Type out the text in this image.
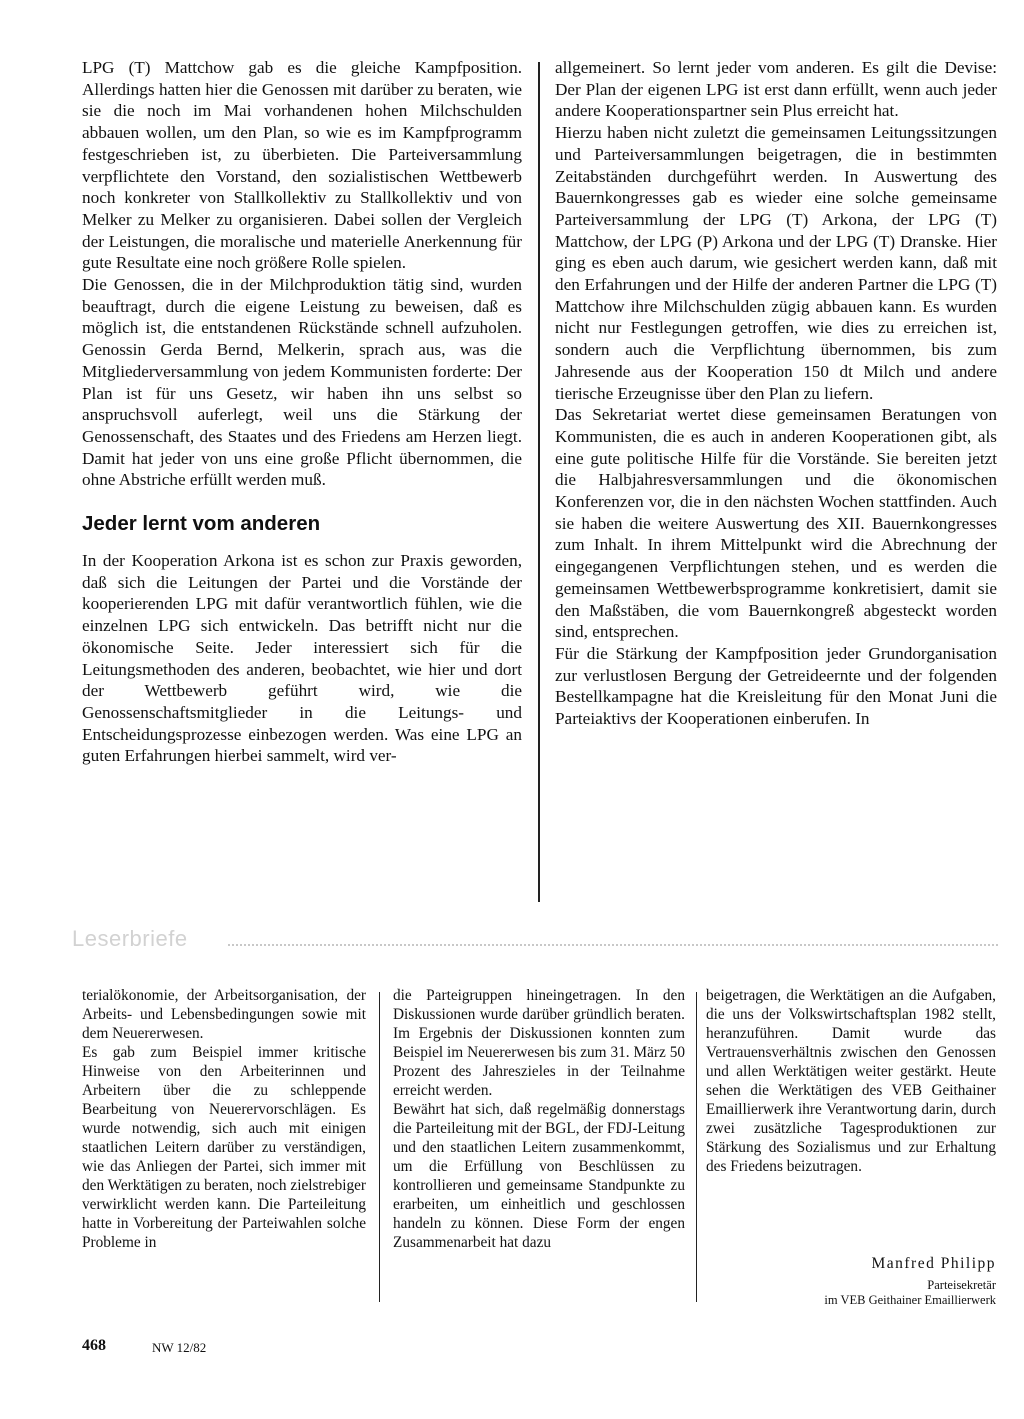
LPG (T) Mattchow gab es die gleiche Kampfposition. Allerdings hatten hier die Genossen mit darüber zu beraten, wie sie die noch im Mai vorhandenen hohen Milchschulden abbauen wollen, um den Plan, so wie es im Kampfprogramm festgeschrieben ist, zu überbieten. Die Parteiversammlung verpflichtete den Vorstand, den sozialistischen Wettbewerb noch konkreter von Stallkollektiv zu Stallkollektiv und von Melker zu Melker zu organisieren. Dabei sollen der Vergleich der Leistungen, die moralische und materielle Anerkennung für gute Resultate eine noch größere Rolle spielen.

Die Genossen, die in der Milchproduktion tätig sind, wurden beauftragt, durch die eigene Leistung zu beweisen, daß es möglich ist, die entstandenen Rückstände schnell aufzuholen. Genossin Gerda Bernd, Melkerin, sprach aus, was die Mitgliederversammlung von jedem Kommunisten forderte: Der Plan ist für uns Gesetz, wir haben ihn uns selbst so anspruchsvoll auferlegt, weil uns die Stärkung der Genossenschaft, des Staates und des Friedens am Herzen liegt. Damit hat jeder von uns eine große Pflicht übernommen, die ohne Abstriche erfüllt werden muß.

Jeder lernt vom anderen

In der Kooperation Arkona ist es schon zur Praxis geworden, daß sich die Leitungen der Partei und die Vorstände der kooperierenden LPG mit dafür verantwortlich fühlen, wie die einzelnen LPG sich entwickeln. Das betrifft nicht nur die ökonomische Seite. Jeder interessiert sich für die Leitungsmethoden des anderen, beobachtet, wie hier und dort der Wettbewerb geführt wird, wie die Genossenschaftsmitglieder in die Leitungs- und Entscheidungsprozesse einbezogen werden. Was eine LPG an guten Erfahrungen hierbei sammelt, wird ver-

allgemeinert. So lernt jeder vom anderen. Es gilt die Devise: Der Plan der eigenen LPG ist erst dann erfüllt, wenn auch jeder andere Kooperationspartner sein Plus erreicht hat.

Hierzu haben nicht zuletzt die gemeinsamen Leitungssitzungen und Parteiversammlungen beigetragen, die in bestimmten Zeitabständen durchgeführt werden. In Auswertung des Bauernkongresses gab es wieder eine solche gemeinsame Parteiversammlung der LPG (T) Arkona, der LPG (T) Mattchow, der LPG (P) Arkona und der LPG (T) Dranske. Hier ging es eben auch darum, wie gesichert werden kann, daß mit den Erfahrungen und der Hilfe der anderen Partner die LPG (T) Mattchow ihre Milchschulden zügig abbauen kann. Es wurden nicht nur Festlegungen getroffen, wie dies zu erreichen ist, sondern auch die Verpflichtung übernommen, bis zum Jahresende aus der Kooperation 150 dt Milch und andere tierische Erzeugnisse über den Plan zu liefern.

Das Sekretariat wertet diese gemeinsamen Beratungen von Kommunisten, die es auch in anderen Kooperationen gibt, als eine gute politische Hilfe für die Vorstände. Sie bereiten jetzt die Halbjahresversammlungen und die ökonomischen Konferenzen vor, die in den nächsten Wochen stattfinden. Auch sie haben die weitere Auswertung des XII. Bauernkongresses zum Inhalt. In ihrem Mittelpunkt wird die Abrechnung der eingegangenen Verpflichtungen stehen, und es werden die gemeinsamen Wettbewerbsprogramme konkretisiert, damit sie den Maßstäben, die vom Bauernkongreß abgesteckt worden sind, entsprechen.

Für die Stärkung der Kampfposition jeder Grundorganisation zur verlustlosen Bergung der Getreideernte und der folgenden Bestellkampagne hat die Kreisleitung für den Monat Juni die Parteiaktivs der Kooperationen einberufen. In

Leserbriefe

terialökonomie, der Arbeitsorganisation, der Arbeits- und Lebensbedingungen sowie mit dem Neuererwesen.

Es gab zum Beispiel immer kritische Hinweise von den Arbeiterinnen und Arbeitern über die zu schleppende Bearbeitung von Neuerervorschlägen. Es wurde notwendig, sich auch mit einigen staatlichen Leitern darüber zu verständigen, wie das Anliegen der Partei, sich immer mit den Werktätigen zu beraten, noch zielstrebiger verwirklicht werden kann. Die Parteileitung hatte in Vorbereitung der Parteiwahlen solche Probleme in

die Parteigruppen hineingetragen. In den Diskussionen wurde darüber gründlich beraten. Im Ergebnis der Diskussionen konnten zum Beispiel im Neuererwesen bis zum 31. März 50 Prozent des Jahreszieles in der Teilnahme erreicht werden.

Bewährt hat sich, daß regelmäßig donnerstags die Parteileitung mit der BGL, der FDJ-Leitung und den staatlichen Leitern zusammenkommt, um die Erfüllung von Beschlüssen zu kontrollieren und gemeinsame Standpunkte zu erarbeiten, um einheitlich und geschlossen handeln zu können. Diese Form der engen Zusammenarbeit hat dazu

beigetragen, die Werktätigen an die Aufgaben, die uns der Volkswirtschaftsplan 1982 stellt, heranzuführen. Damit wurde das Vertrauensverhältnis zwischen den Genossen und allen Werktätigen weiter gestärkt. Heute sehen die Werktätigen des VEB Geithainer Emaillierwerk ihre Verantwortung darin, durch zwei zusätzliche Tagesproduktionen zur Stärkung des Sozialismus und zur Erhaltung des Friedens beizutragen.

Manfred Philipp
Parteisekretär
im VEB Geithainer Emaillierwerk
468	NW 12/82
